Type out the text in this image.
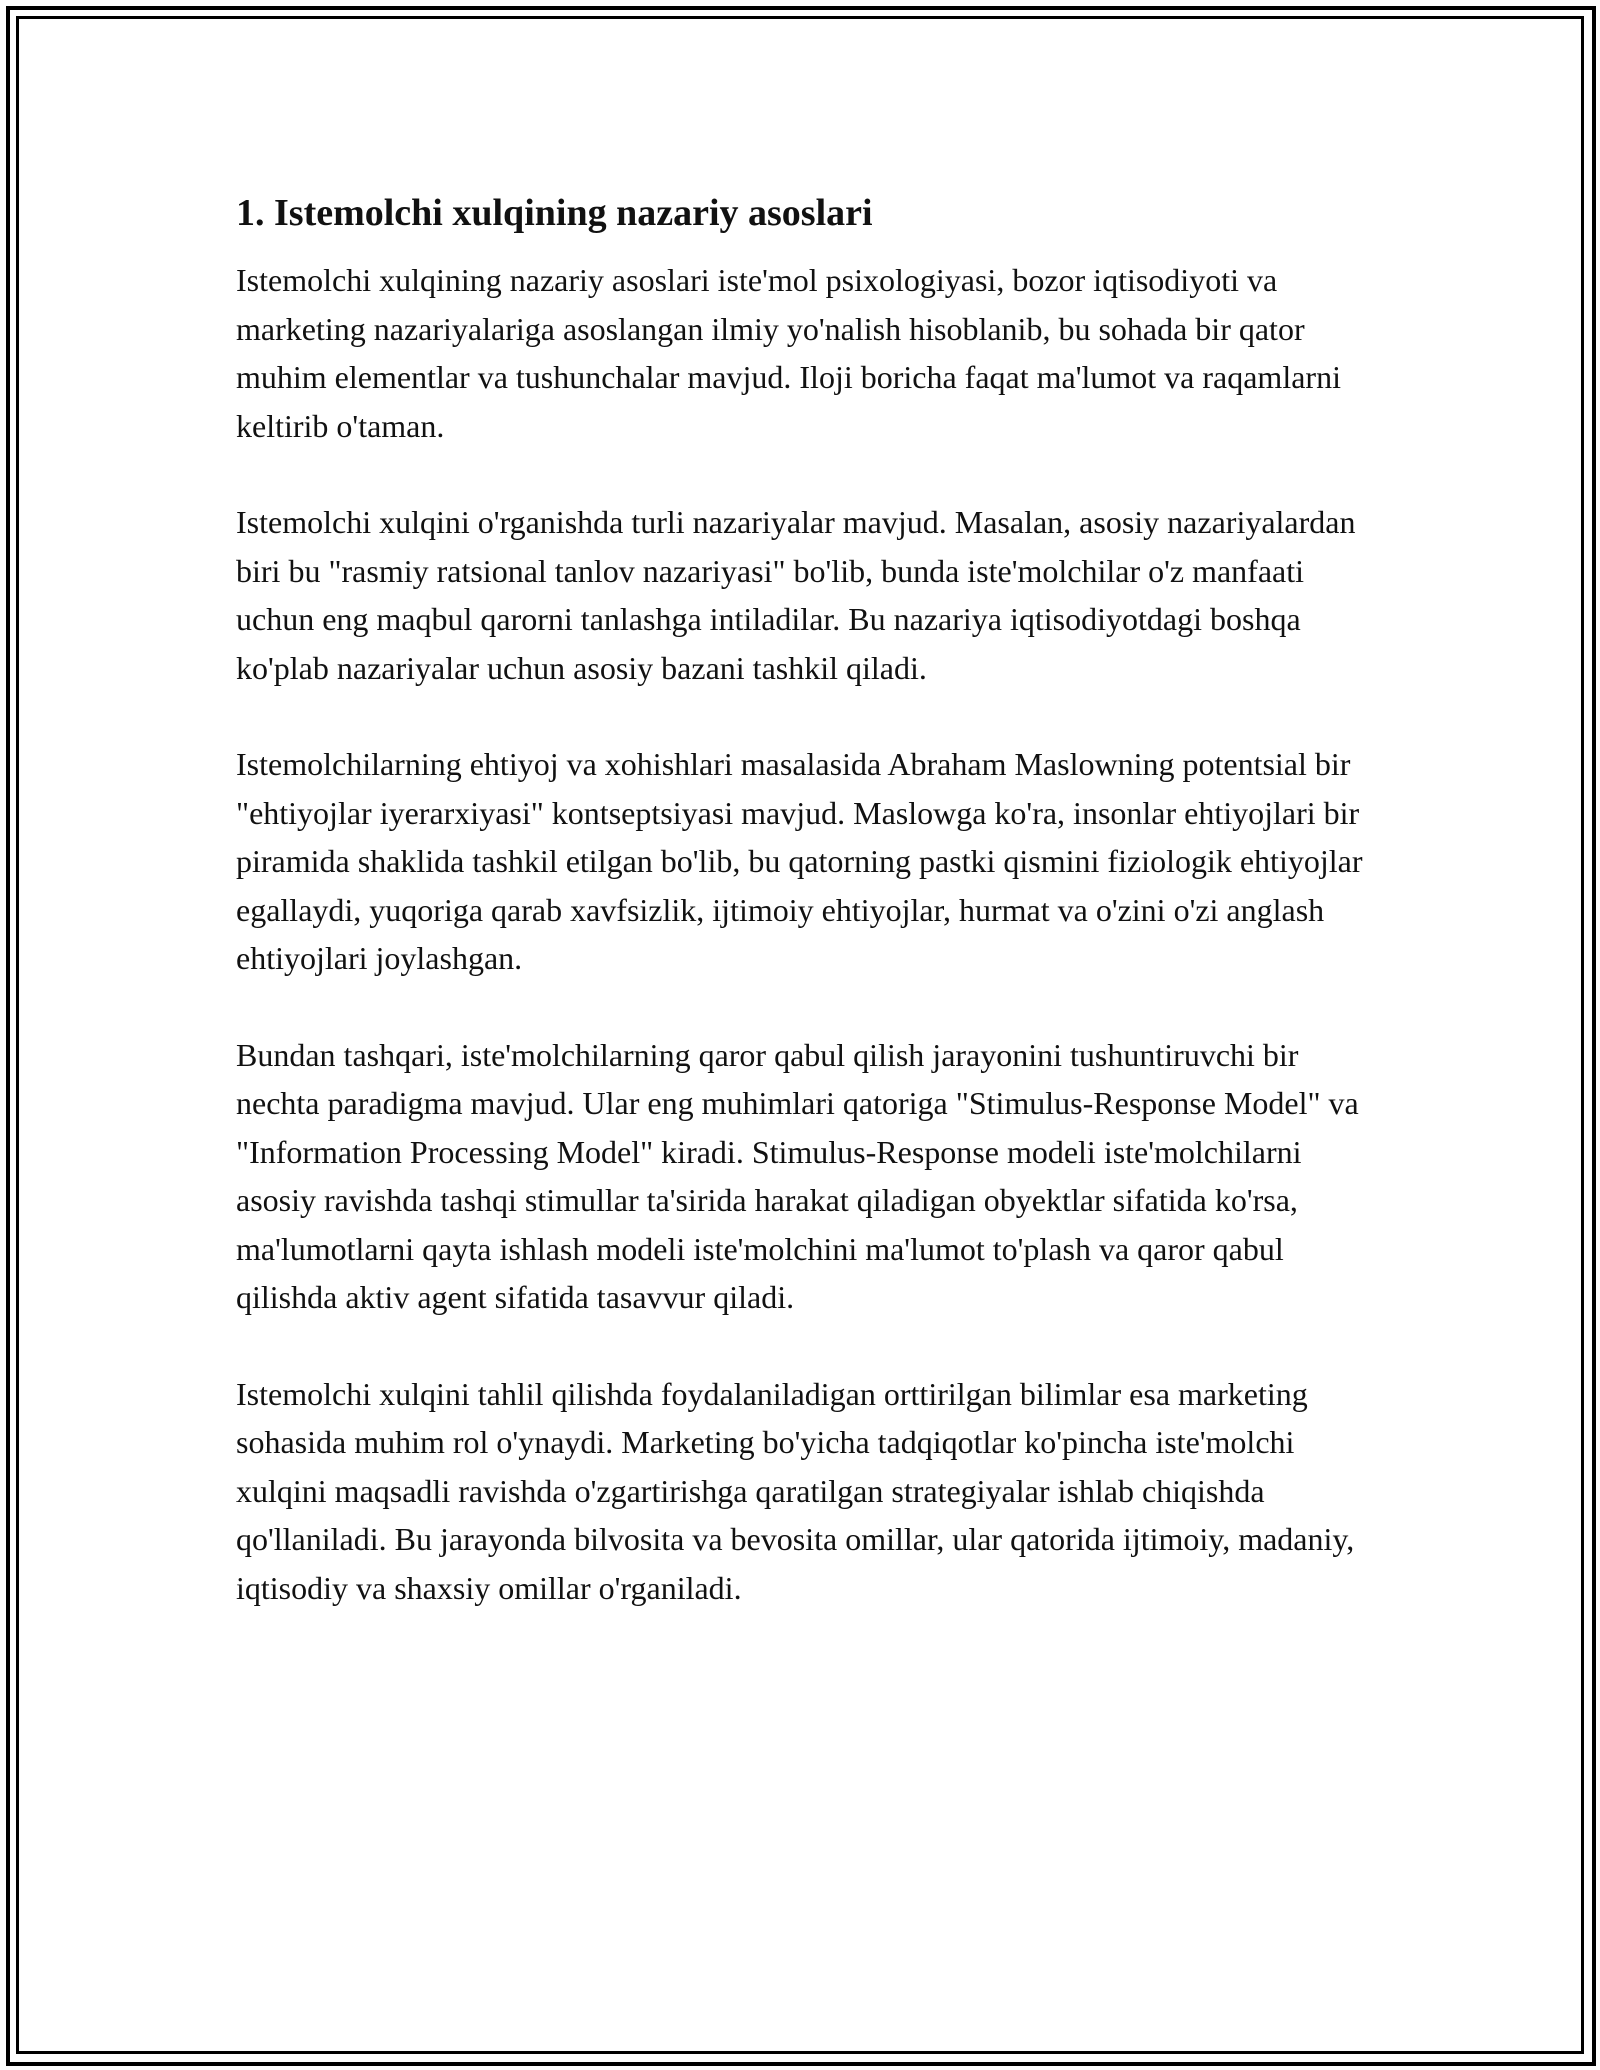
1. Istemolchi xulqining nazariy asoslari

Istemolchi xulqining nazariy asoslari iste'mol psixologiyasi, bozor iqtisodiyoti va marketing nazariyalariga asoslangan ilmiy yo'nalish hisoblanib, bu sohada bir qator muhim elementlar va tushunchalar mavjud. Iloji boricha faqat ma'lumot va raqamlarni keltirib o'taman.

Istemolchi xulqini o'rganishda turli nazariyalar mavjud. Masalan, asosiy nazariyalardan biri bu "rasmiy ratsional tanlov nazariyasi" bo'lib, bunda iste'molchilar o'z manfaati uchun eng maqbul qarorni tanlashga intiladilar. Bu nazariya iqtisodiyotdagi boshqa ko'plab nazariyalar uchun asosiy bazani tashkil qiladi.

Istemolchilarning ehtiyoj va xohishlari masalasida Abraham Maslowning potentsial bir "ehtiyojlar iyerarxiyasi" kontseptsiyasi mavjud. Maslowga ko'ra, insonlar ehtiyojlari bir piramida shaklida tashkil etilgan bo'lib, bu qatorning pastki qismini fiziologik ehtiyojlar egallaydi, yuqoriga qarab xavfsizlik, ijtimoiy ehtiyojlar, hurmat va o'zini o'zi anglash ehtiyojlari joylashgan.

Bundan tashqari, iste'molchilarning qaror qabul qilish jarayonini tushuntiruvchi bir nechta paradigma mavjud. Ular eng muhimlari qatoriga "Stimulus-Response Model" va "Information Processing Model" kiradi. Stimulus-Response modeli iste'molchilarni asosiy ravishda tashqi stimullar ta'sirida harakat qiladigan obyektlar sifatida ko'rsa, ma'lumotlarni qayta ishlash modeli iste'molchini ma'lumot to'plash va qaror qabul qilishda aktiv agent sifatida tasavvur qiladi.

Istemolchi xulqini tahlil qilishda foydalaniladigan orttirilgan bilimlar esa marketing sohasida muhim rol o'ynaydi. Marketing bo'yicha tadqiqotlar ko'pincha iste'molchi xulqini maqsadli ravishda o'zgartirishga qaratilgan strategiyalar ishlab chiqishda qo'llaniladi. Bu jarayonda bilvosita va bevosita omillar, ular qatorida ijtimoiy, madaniy, iqtisodiy va shaxsiy omillar o'rganiladi.
